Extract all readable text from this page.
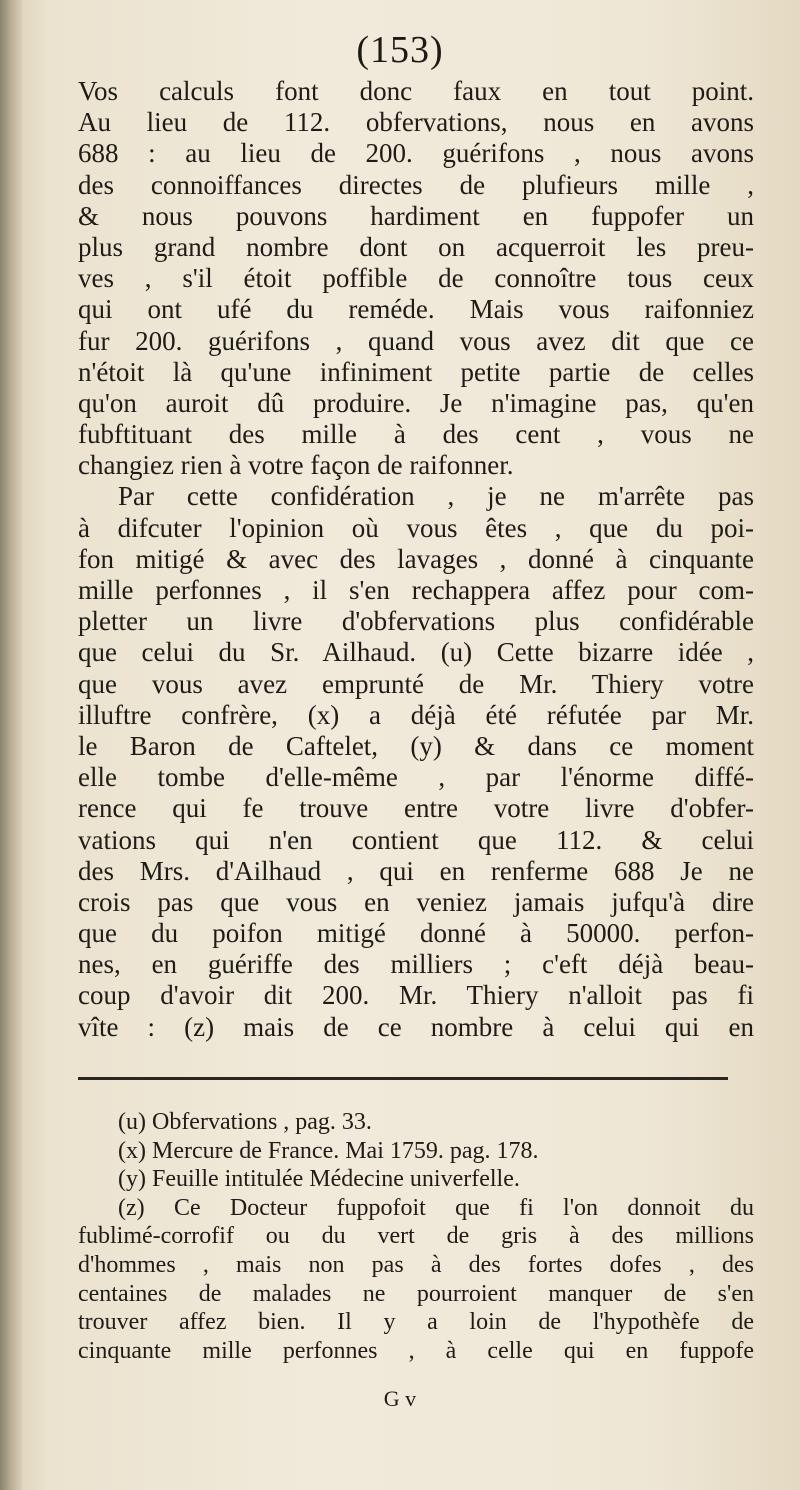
(153)
Vos calculs font donc faux en tout point.
Au lieu de 112. obfervations, nous en avons
688 : au lieu de 200. guérifons , nous avons
des connoiffances directes de plufieurs mille ,
& nous pouvons hardiment en fuppofer un
plus grand nombre dont on acquerroit les preu-
ves , s'il étoit poffible de connoître tous ceux
qui ont ufé du reméde. Mais vous raifonniez
fur 200. guérifons , quand vous avez dit que ce
n'étoit là qu'une infiniment petite partie de celles
qu'on auroit dû produire. Je n'imagine pas, qu'en
fubftituant des mille à des cent , vous ne
changiez rien à votre façon de raifonner.
Par cette confidération , je ne m'arrête pas
à difcuter l'opinion où vous êtes , que du poi-
fon mitigé & avec des lavages , donné à cinquante
mille perfonnes , il s'en rechappera affez pour com-
pletter un livre d'obfervations plus confidérable
que celui du Sr. Ailhaud. (u) Cette bizarre idée ,
que vous avez emprunté de Mr. Thiery votre
illuftre confrère, (x) a déjà été réfutée par Mr.
le Baron de Caftelet, (y) & dans ce moment
elle tombe d'elle-même , par l'énorme diffé-
rence qui fe trouve entre votre livre d'obfer-
vations qui n'en contient que 112. & celui
des Mrs. d'Ailhaud , qui en renferme 688 Je ne
crois pas que vous en veniez jamais jufqu'à dire
que du poifon mitigé donné à 50000. perfon-
nes, en guériffe des milliers ; c'eft déjà beau-
coup d'avoir dit 200. Mr. Thiery n'alloit pas fi
vîte : (z) mais de ce nombre à celui qui en
(u) Obfervations , pag. 33.
(x) Mercure de France. Mai 1759. pag. 178.
(y) Feuille intitulée Médecine univerfelle.
(z) Ce Docteur fuppofoit que fi l'on donnoit du
fublimé-corrofif ou du vert de gris à des millions
d'hommes , mais non pas à des fortes dofes , des
centaines de malades ne pourroient manquer de s'en
trouver affez bien. Il y a loin de l'hypothèfe de
cinquante mille perfonnes , à celle qui en fuppofe
G v
